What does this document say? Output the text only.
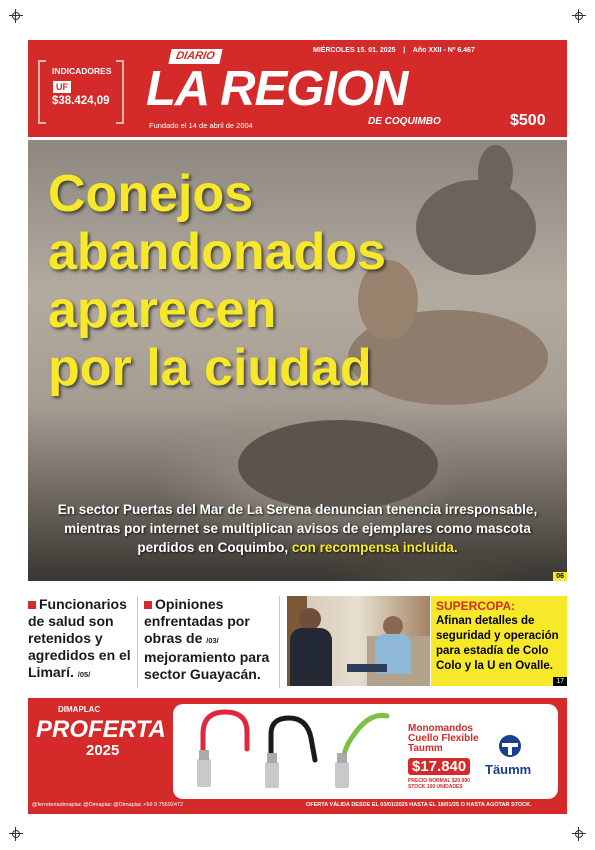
INDICADORES
UF
$38.424,09
DIARIO
LA REGION
DE COQUIMBO
Fundado el 14 de abril de 2004
MIÉRCOLES 15. 01. 2025 | Año XXII - Nº 6.467
$500
Conejos
abandonados
aparecen
por la ciudad
En sector Puertas del Mar de La Serena denuncian tenencia irresponsable, mientras por internet se multiplican avisos de ejemplares como mascota perdidos en Coquimbo, con recompensa incluida.
06
Funcionarios de salud son retenidos y agredidos en el Limarí. /05/
Opiniones enfrentadas por obras de /03/ mejoramiento para sector Guayacán.
SUPERCOPA:
Afinan detalles de seguridad y operación para estadía de Colo Colo y la U en Ovalle.
17
DIMAPLAC
PROFERTA
2025
Monomandos Cuello Flexible Taumm
$17.840
PRECIO NORMAL $20.990
STOCK 100 UNIDADES
Täumm
@ferreteriadimaplac @Dimaplac @Dimaplac +56 9 75592472	OFERTA VÁLIDA DESDE EL 03/01/2025 HASTA EL 18/01/25 O HASTA AGOTAR STOCK.
